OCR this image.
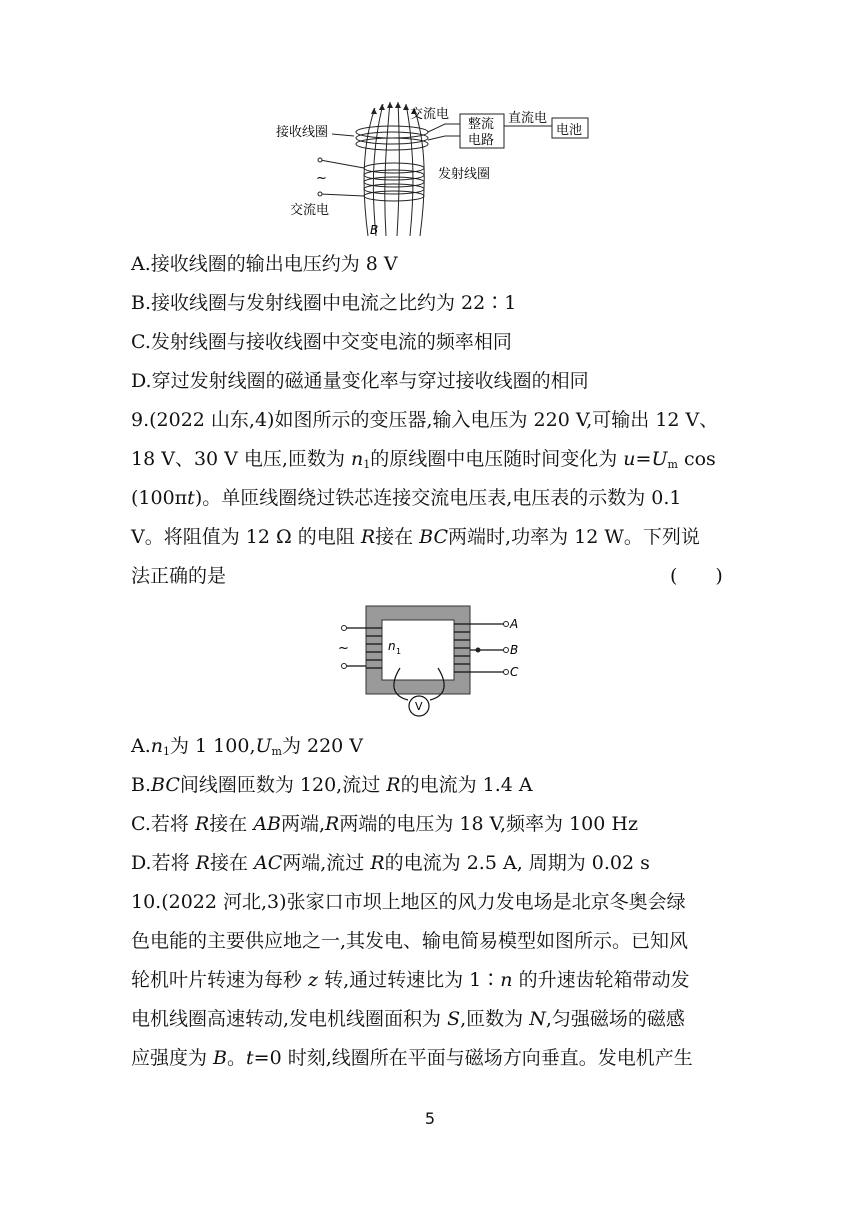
接收线圈
交流电
整流
电路
直流电
电池
发射线圈
~
交流电
B
A.接收线圈的输出电压约为 8 V
B.接收线圈与发射线圈中电流之比约为 22∶1
C.发射线圈与接收线圈中交变电流的频率相同
D.穿过发射线圈的磁通量变化率与穿过接收线圈的相同
9.(2022 山东,4)如图所示的变压器,输入电压为 220 V,可输出 12 V、
18 V、30 V 电压,匝数为 $n_1$的原线圈中电压随时间变化为 $u=U_m$ cos
(100πt)。单匝线圈绕过铁芯连接交流电压表,电压表的示数为 0.1
V。将阻值为 12 Ω 的电阻 R接在 BC两端时,功率为 12 W。下列说
法正确的是	(　　)
~	n 1
A
B
C
V
$A.n_1$为 1 $100,U_m$为 220 V
B.BC间线圈匝数为 120,流过 R的电流为 1.4 A
C.若将 R接在 AB两端,R两端的电压为 18 V,频率为 100 Hz
D.若将 R接在 AC两端,流过 R的电流为 2.5 A, 周期为 0.02 s
10.(2022 河北,3)张家口市坝上地区的风力发电场是北京冬奥会绿
色电能的主要供应地之一,其发电、输电简易模型如图所示。已知风
轮机叶片转速为每秒 z 转,通过转速比为 1∶n 的升速齿轮箱带动发
电机线圈高速转动,发电机线圈面积为 S,匝数为 N,匀强磁场的磁感
应强度为 B。t=0 时刻,线圈所在平面与磁场方向垂直。发电机产生
5
